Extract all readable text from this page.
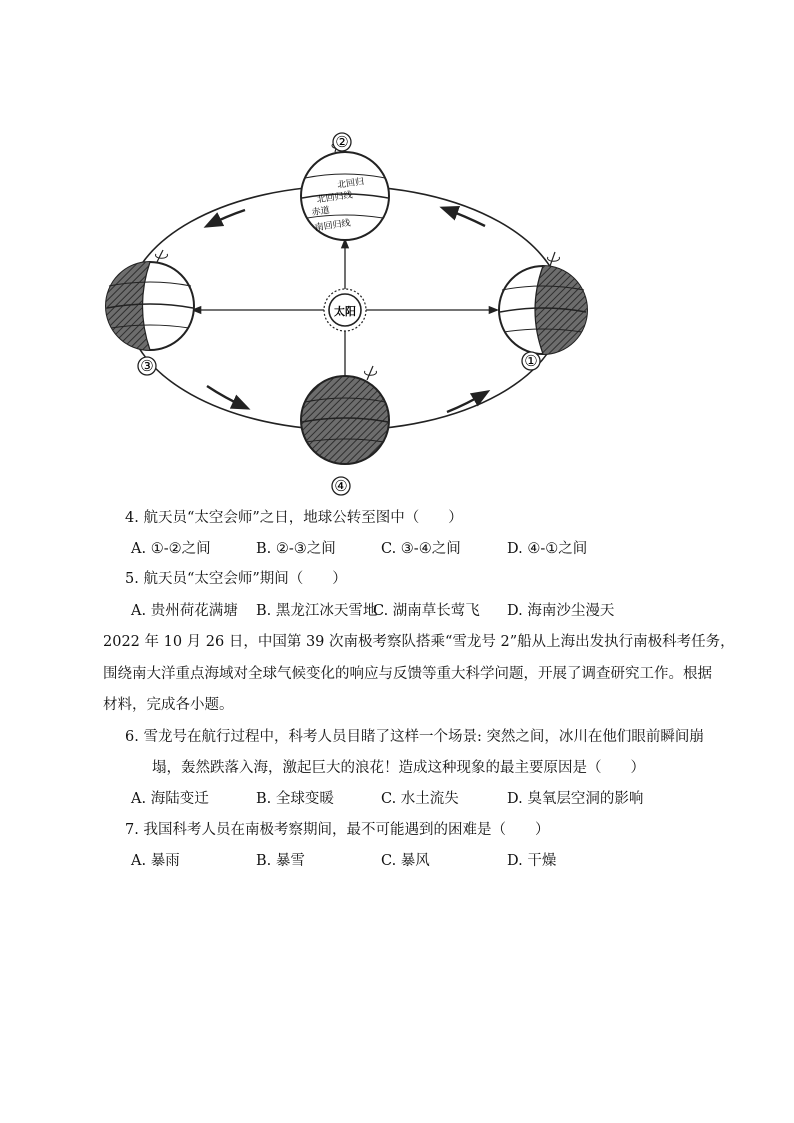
太阳
北回归
北回归线
赤道
南回归线
②
③	①
④
4. 航天员“太空会师”之日，地球公转至图中（　　）
A. ①-②之间	B. ②-③之间	C. ③-④之间	D. ④-①之间
5. 航天员“太空会师”期间（　　）
A. 贵州荷花满塘 B. 黑龙江冰天雪地
C. 湖南草长莺飞 D. 海南沙尘漫天
2022 年 10 月 26 日，中国第 39 次南极考察队搭乘“雪龙号 2”船从上海出发执行南极科考任务，
围绕南大洋重点海域对全球气候变化的响应与反馈等重大科学问题，开展了调查研究工作。根据
材料，完成各小题。
6. 雪龙号在航行过程中，科考人员目睹了这样一个场景: 突然之间，冰川在他们眼前瞬间崩
塌，轰然跌落入海，激起巨大的浪花！造成这种现象的最主要原因是（　　）
A. 海陆变迁	B. 全球变暖	C. 水土流失	D. 臭氧层空洞的影响
7. 我国科考人员在南极考察期间，最不可能遇到的困难是（　　）
A. 暴雨	B. 暴雪	C. 暴风	D. 干燥
